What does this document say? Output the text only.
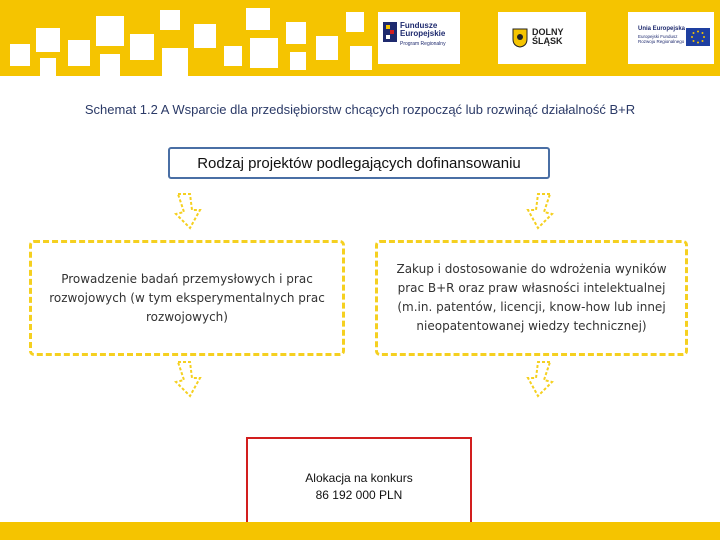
Fundusze
Europejskie
Program Regionalny
DOLNY
ŚLĄSK
Unia Europejska
Europejski Fundusz
Rozwoju Regionalnego
Schemat 1.2 A Wsparcie dla przedsiębiorstw chcących rozpocząć lub rozwinąć działalność B+R
Rodzaj projektów podlegających dofinansowaniu
Prowadzenie badań przemysłowych i prac rozwojowych (w tym eksperymentalnych prac rozwojowych)
Zakup i dostosowanie do wdrożenia wyników prac B+R oraz praw własności intelektualnej (m.in. patentów, licencji, know-how lub innej nieopatentowanej wiedzy technicznej)
Alokacja na konkurs
86 192 000 PLN
